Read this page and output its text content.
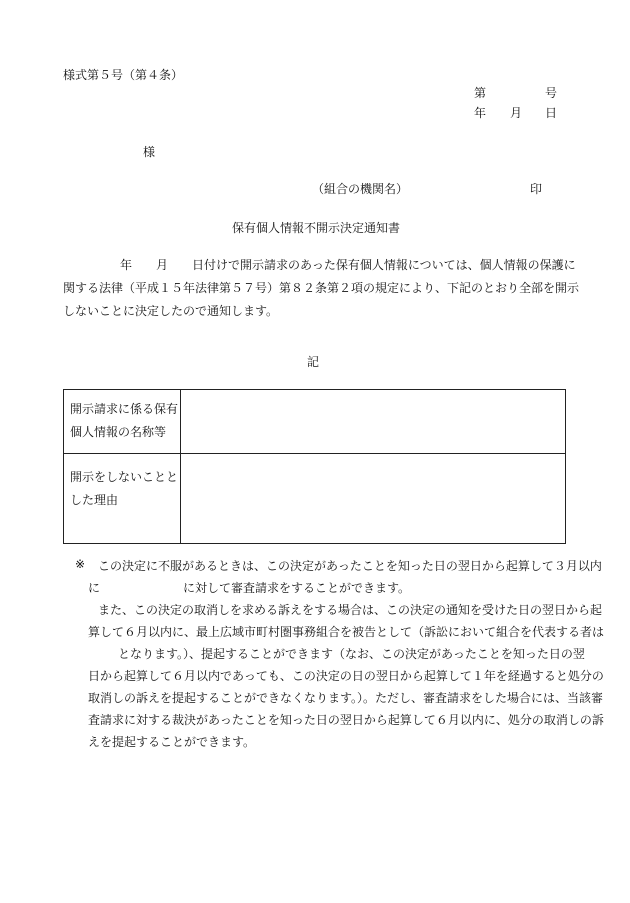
様式第５号（第４条）
第	号
年 月 日
様
（組合の機関名）	印
保有個人情報不開示決定通知書
年 月 日付けで開示請求のあった保有個人情報については、個人情報の保護に
関する法律（平成１５年法律第５７号）第８２条第２項の規定により、下記のとおり全部を開示
しないことに決定したので通知します。
記
開示請求に係る保有
個人情報の名称等
開示をしないことと
した理由
※ この決定に不服があるときは、この決定があったことを知った日の翌日から起算して３月以内
に	に対して審査請求をすることができます。
また、この決定の取消しを求める訴えをする場合は、この決定の通知を受けた日の翌日から起
算して６月以内に、最上広域市町村圏事務組合を被告として（訴訟において組合を代表する者は
となります。）、提起することができます（なお、この決定があったことを知った日の翌
日から起算して６月以内であっても、この決定の日の翌日から起算して１年を経過すると処分の
取消しの訴えを提起することができなくなります。）。ただし、審査請求をした場合には、当該審
査請求に対する裁決があったことを知った日の翌日から起算して６月以内に、処分の取消しの訴
えを提起することができます。
